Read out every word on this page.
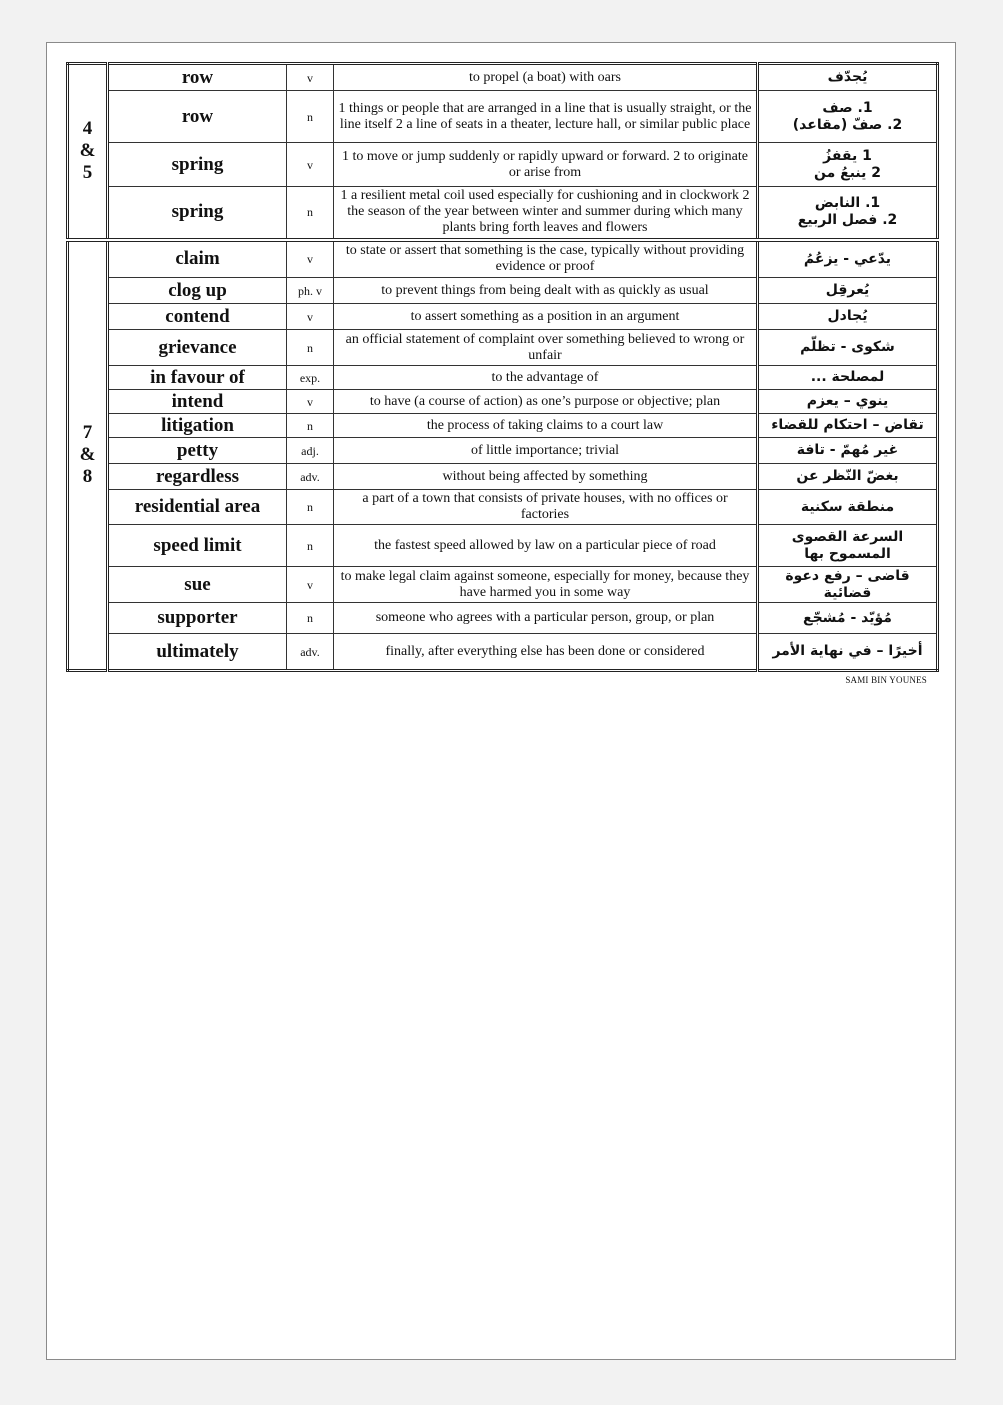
4
&
5	row	v	to propel (a boat) with oars	يُجدّف

	row	n	1 things or people that are arranged in a line that is usually straight, or the line itself 2 a line of seats in a theater, lecture hall, or similar public place	1. صف
2. صفّ (مقاعد)

	spring	v	1 to move or jump suddenly or rapidly upward or forward. 2 to originate or arise from	1 يقفزُ
2 ينبعُ من

	spring	n	1 a resilient metal coil used especially for cushioning and in clockwork 2 the season of the year between winter and summer during which many plants bring forth leaves and flowers	1. النابض
2. فصل الربيع

7
&
8	claim	v	to state or assert that something is the case, typically without providing evidence or proof	يدّعي - يزعُمُ

	clog up	ph. v	to prevent things from being dealt with as quickly as usual	يُعرقِل

	contend	v	to assert something as a position in an argument	يُجادل

	grievance	n	an official statement of complaint over something believed to wrong or unfair	شكوى - تظلّم

	in favour of	exp.	to the advantage of	لمصلحة ...

	intend	v	to have (a course of action) as one’s purpose or objective; plan	ينوي – يعزم

	litigation	n	the process of taking claims to a court law	تقاض – احتكام للقضاء

	petty	adj.	of little importance; trivial	غير مُهمّ - تافة

	regardless	adv.	without being affected by something	بغضّ النّظر عن

	residential area	n	a part of a town that consists of private houses, with no offices or factories	منطقة سكنية

	speed limit	n	the fastest speed allowed by law on a particular piece of road	السرعة القصوى المسموح بها

	sue	v	to make legal claim against someone, especially for money, because they have harmed you in some way	قاضى – رفع دعوة قضائية

	supporter	n	someone who agrees with a particular person, group, or plan	مُؤيّد - مُشجّع

	ultimately	adv.	finally, after everything else has been done or considered	أخيرًا – في نهاية الأمر
SAMI BIN YOUNES
